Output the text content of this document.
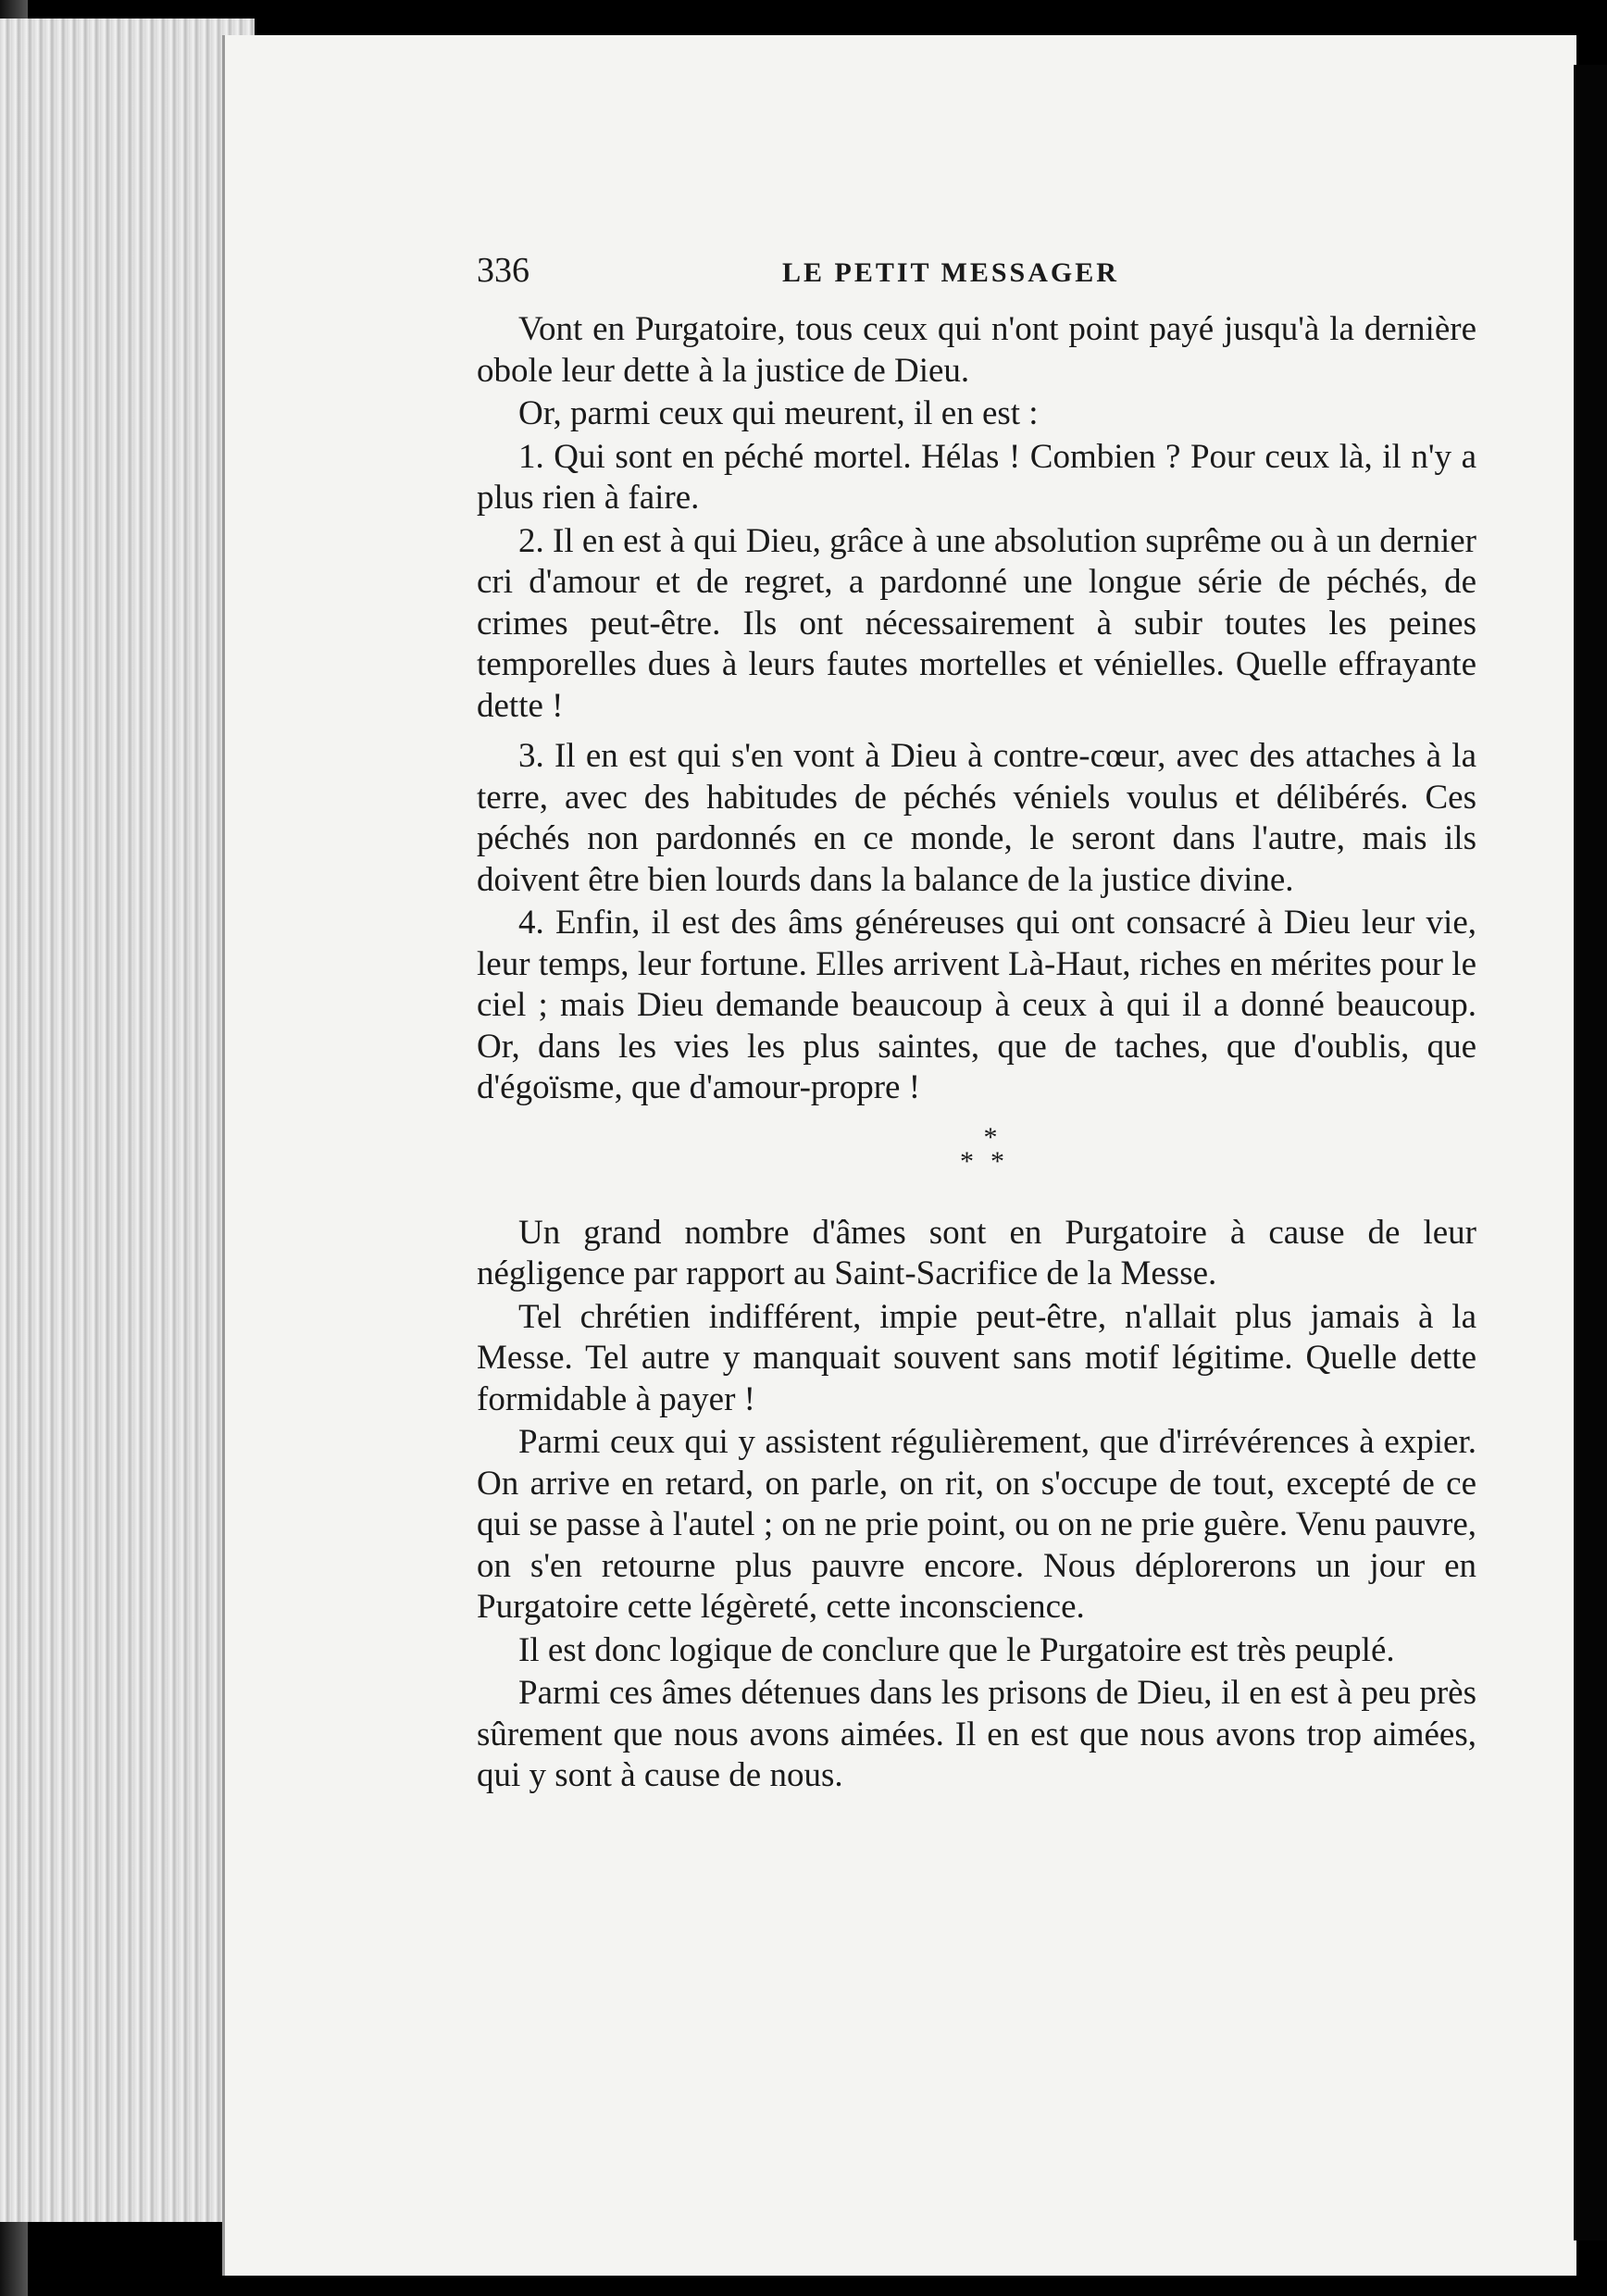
336	LE PETIT MESSAGER

Vont en Purgatoire, tous ceux qui n'ont point payé jusqu'à la dernière obole leur dette à la justice de Dieu.

Or, parmi ceux qui meurent, il en est :

1. Qui sont en péché mortel. Hélas ! Combien ? Pour ceux là, il n'y a plus rien à faire.

2. Il en est à qui Dieu, grâce à une absolution suprême ou à un dernier cri d'amour et de regret, a pardonné une longue série de péchés, de crimes peut-être. Ils ont nécessairement à subir toutes les peines temporelles dues à leurs fautes mortelles et vénielles. Quelle effrayante dette !

3. Il en est qui s'en vont à Dieu à contre-cœur, avec des attaches à la terre, avec des habitudes de péchés véniels voulus et délibérés. Ces péchés non pardonnés en ce monde, le seront dans l'autre, mais ils doivent être bien lourds dans la balance de la justice divine.

4. Enfin, il est des âms généreuses qui ont consacré à Dieu leur vie, leur temps, leur fortune. Elles arrivent Là-Haut, riches en mérites pour le ciel ; mais Dieu demande beaucoup à ceux à qui il a donné beaucoup. Or, dans les vies les plus saintes, que de taches, que d'oublis, que d'égoïsme, que d'amour-propre !

*
**

Un grand nombre d'âmes sont en Purgatoire à cause de leur négligence par rapport au Saint-Sacrifice de la Messe.

Tel chrétien indifférent, impie peut-être, n'allait plus jamais à la Messe. Tel autre y manquait souvent sans motif légitime. Quelle dette formidable à payer !

Parmi ceux qui y assistent régulièrement, que d'irrévérences à expier. On arrive en retard, on parle, on rit, on s'occupe de tout, excepté de ce qui se passe à l'autel ; on ne prie point, ou on ne prie guère. Venu pauvre, on s'en retourne plus pauvre encore. Nous déplorerons un jour en Purgatoire cette légèreté, cette inconscience.

Il est donc logique de conclure que le Purgatoire est très peuplé.

Parmi ces âmes détenues dans les prisons de Dieu, il en est à peu près sûrement que nous avons aimées. Il en est que nous avons trop aimées, qui y sont à cause de nous.
